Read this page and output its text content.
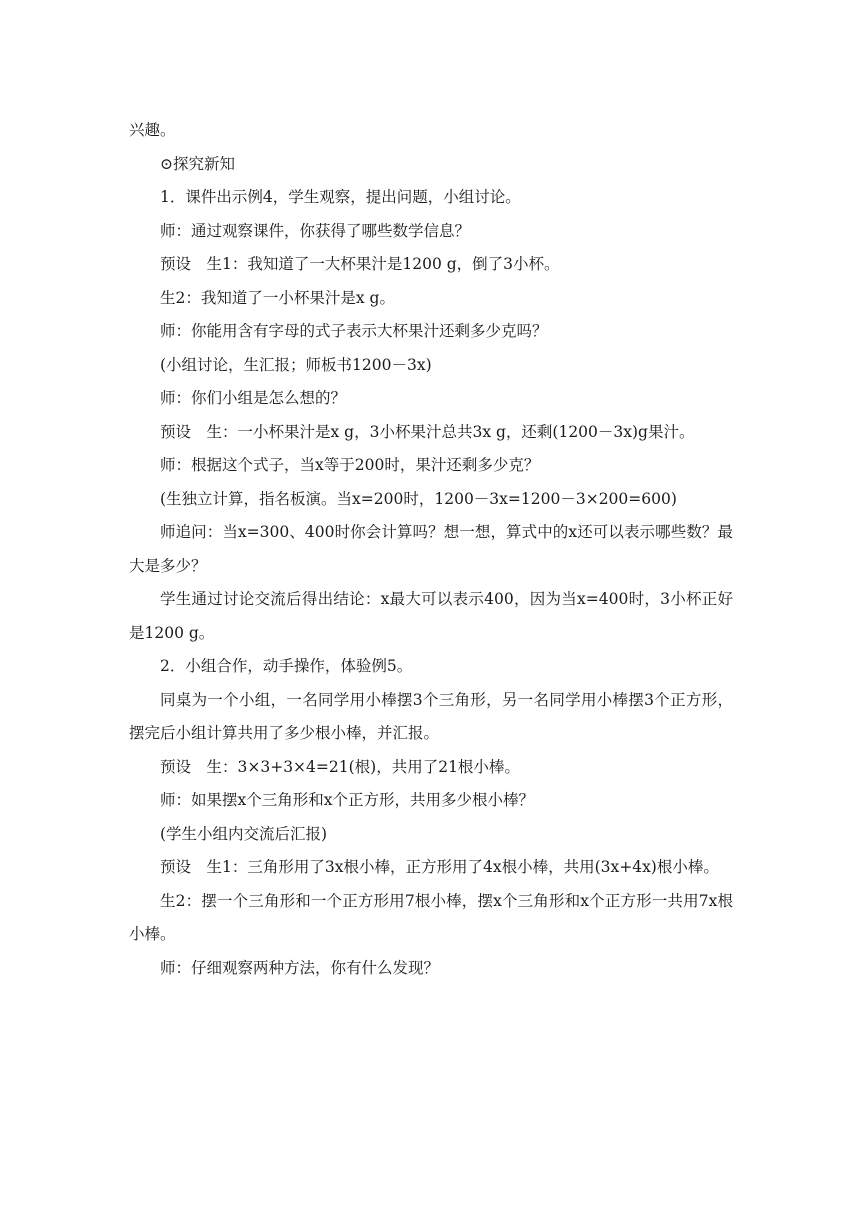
兴趣。

⊙探究新知

1．课件出示例4，学生观察，提出问题，小组讨论。

师：通过观察课件，你获得了哪些数学信息？

预设　生1：我知道了一大杯果汁是1200 g，倒了3小杯。

生2：我知道了一小杯果汁是x g。

师：你能用含有字母的式子表示大杯果汁还剩多少克吗？

(小组讨论，生汇报；师板书1200－3x)

师：你们小组是怎么想的？

预设　生：一小杯果汁是x g，3小杯果汁总共3x g，还剩(1200－3x)g果汁。

师：根据这个式子，当x等于200时，果汁还剩多少克？

(生独立计算，指名板演。当x=200时，1200－3x=1200－3×200=600)

师追问：当x=300、400时你会计算吗？想一想，算式中的x还可以表示哪些数？最大是多少？

学生通过讨论交流后得出结论：x最大可以表示400，因为当x=400时，3小杯正好是1200 g。

2．小组合作，动手操作，体验例5。

同桌为一个小组，一名同学用小棒摆3个三角形，另一名同学用小棒摆3个正方形，摆完后小组计算共用了多少根小棒，并汇报。

预设　生：3×3+3×4=21(根)，共用了21根小棒。

师：如果摆x个三角形和x个正方形，共用多少根小棒？

(学生小组内交流后汇报)

预设　生1：三角形用了3x根小棒，正方形用了4x根小棒，共用(3x+4x)根小棒。

生2：摆一个三角形和一个正方形用7根小棒，摆x个三角形和x个正方形一共用7x根小棒。

师：仔细观察两种方法，你有什么发现？
